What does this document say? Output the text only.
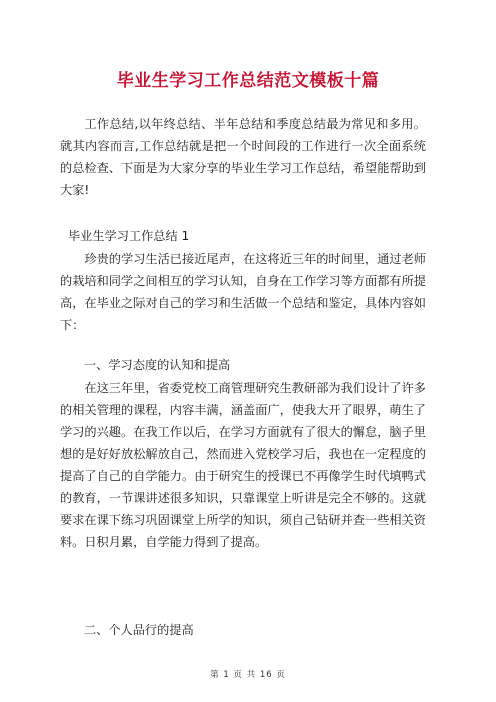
毕业生学习工作总结范文模板十篇

工作总结,以年终总结、半年总结和季度总结最为常见和多用。就其内容而言,工作总结就是把一个时间段的工作进行一次全面系统的总检查、下面是为大家分享的毕业生学习工作总结，希望能帮助到大家!

毕业生学习工作总结 1

珍贵的学习生活已接近尾声，在这将近三年的时间里，通过老师的栽培和同学之间相互的学习认知，自身在工作学习等方面都有所提高，在毕业之际对自己的学习和生活做一个总结和鉴定，具体内容如下：

一、学习态度的认知和提高

在这三年里，省委党校工商管理研究生教研部为我们设计了许多的相关管理的课程，内容丰满，涵盖面广，使我大开了眼界，萌生了学习的兴趣。在我工作以后，在学习方面就有了很大的懈怠，脑子里想的是好好放松解放自己，然而进入党校学习后，我也在一定程度的提高了自己的自学能力。由于研究生的授课已不再像学生时代填鸭式的教育，一节课讲述很多知识，只靠课堂上听讲是完全不够的。这就要求在课下练习巩固课堂上所学的知识，须自己钻研并查一些相关资料。日积月累，自学能力得到了提高。

二、个人品行的提高

第 1 页 共 16 页
